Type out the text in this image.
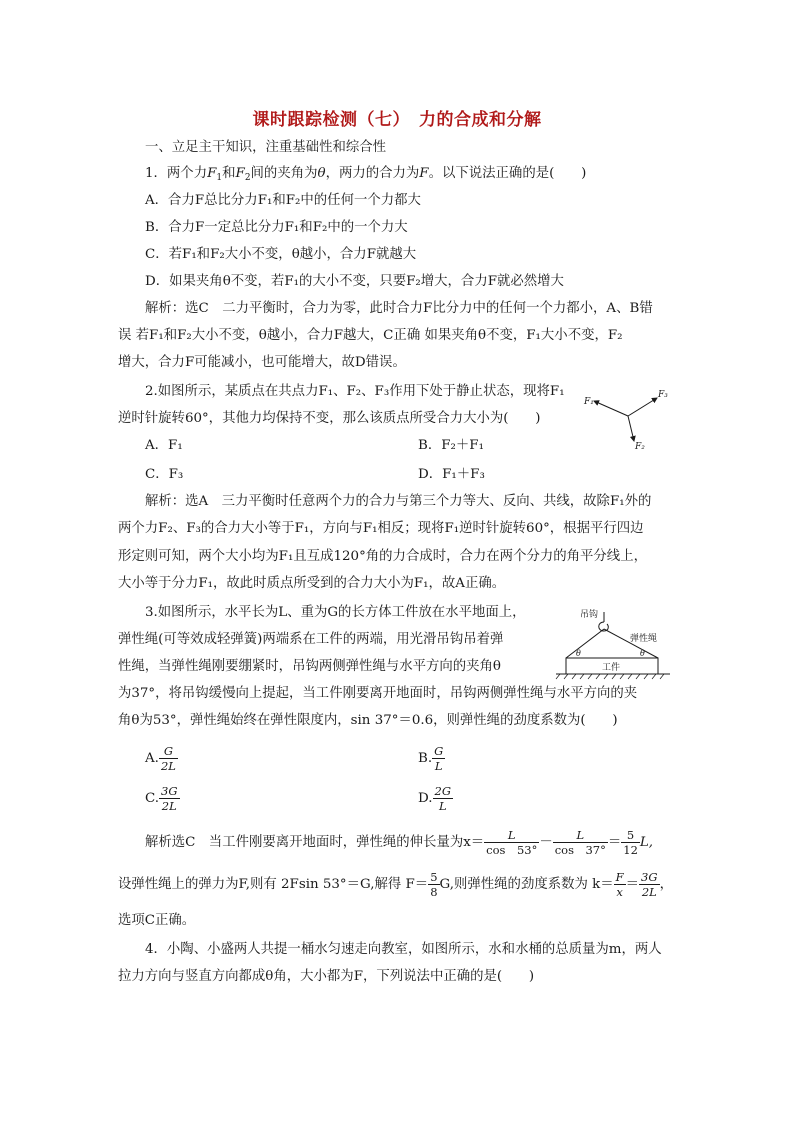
课时跟踪检测（七）　力的合成和分解
一、立足主干知识，注重基础性和综合性
1．两个力$F_1$和$F_2$间的夹角为θ，两力的合力为F。以下说法正确的是(　　)
A．合力F总比分力F₁和F₂中的任何一个力都大
B．合力F一定总比分力F₁和F₂中的一个力大
C．若F₁和F₂大小不变，θ越小，合力F就越大
D．如果夹角θ不变，若F₁的大小不变，只要F₂增大，合力F就必然增大
解析：选C　二力平衡时，合力为零，此时合力F比分力中的任何一个力都小，A、B错
误 若F₁和F₂大小不变，θ越小，合力F越大，C正确 如果夹角θ不变，F₁大小不变，F₂
增大，合力F可能减小，也可能增大，故D错误。
2.如图所示，某质点在共点力F₁、F₂、F₃作用下处于静止状态，现将F₁
逆时针旋转60°，其他力均保持不变，那么该质点所受合力大小为(　　)
F₁
F₃
F₂
A．F₁	B．F₂＋F₁
C．F₃	D．F₁＋F₃
解析：选A　三力平衡时任意两个力的合力与第三个力等大、反向、共线，故除F₁外的
两个力F₂、F₃的合力大小等于F₁，方向与F₁相反；现将F₁逆时针旋转60°，根据平行四边
形定则可知，两个大小均为F₁且互成120°角的力合成时，合力在两个分力的角平分线上，
大小等于分力F₁，故此时质点所受到的合力大小为F₁，故A正确。
3.如图所示，水平长为L、重为G的长方体工件放在水平地面上，
弹性绳(可等效成轻弹簧)两端系在工件的两端，用光滑吊钩吊着弹
性绳，当弹性绳刚要绷紧时，吊钩两侧弹性绳与水平方向的夹角θ
吊钩
弹性绳
工件
θ	θ
为37°，将吊钩缓慢向上提起，当工件刚要离开地面时，吊钩两侧弹性绳与水平方向的夹
角θ为53°，弹性绳始终在弹性限度内，sin 37°＝0.6，则弹性绳的劲度系数为(　　)
A. $\frac{G}{2L}$	B. $\frac{G}{L}$
C. $\frac{3G}{2L}$	D. $\frac{2G}{L}$
解析选C　当工件刚要离开地面时，弹性绳的伸长量为$x= \frac{L}{\cos 53^\circ} - \frac{L}{\cos 37^\circ} = \frac{5}{12} L$,
设弹性绳上的弹力为F,则有 2Fsin 53°＝G,解得 $F= \frac{5}{8} G$,则弹性绳的劲度系数为 $k= \frac{F}{x} = \frac{3G}{2L}$ ，
选项C正确。
4．小陶、小盛两人共提一桶水匀速走向教室，如图所示，水和水桶的总质量为m，两人
拉力方向与竖直方向都成θ角，大小都为F，下列说法中正确的是(　　)
